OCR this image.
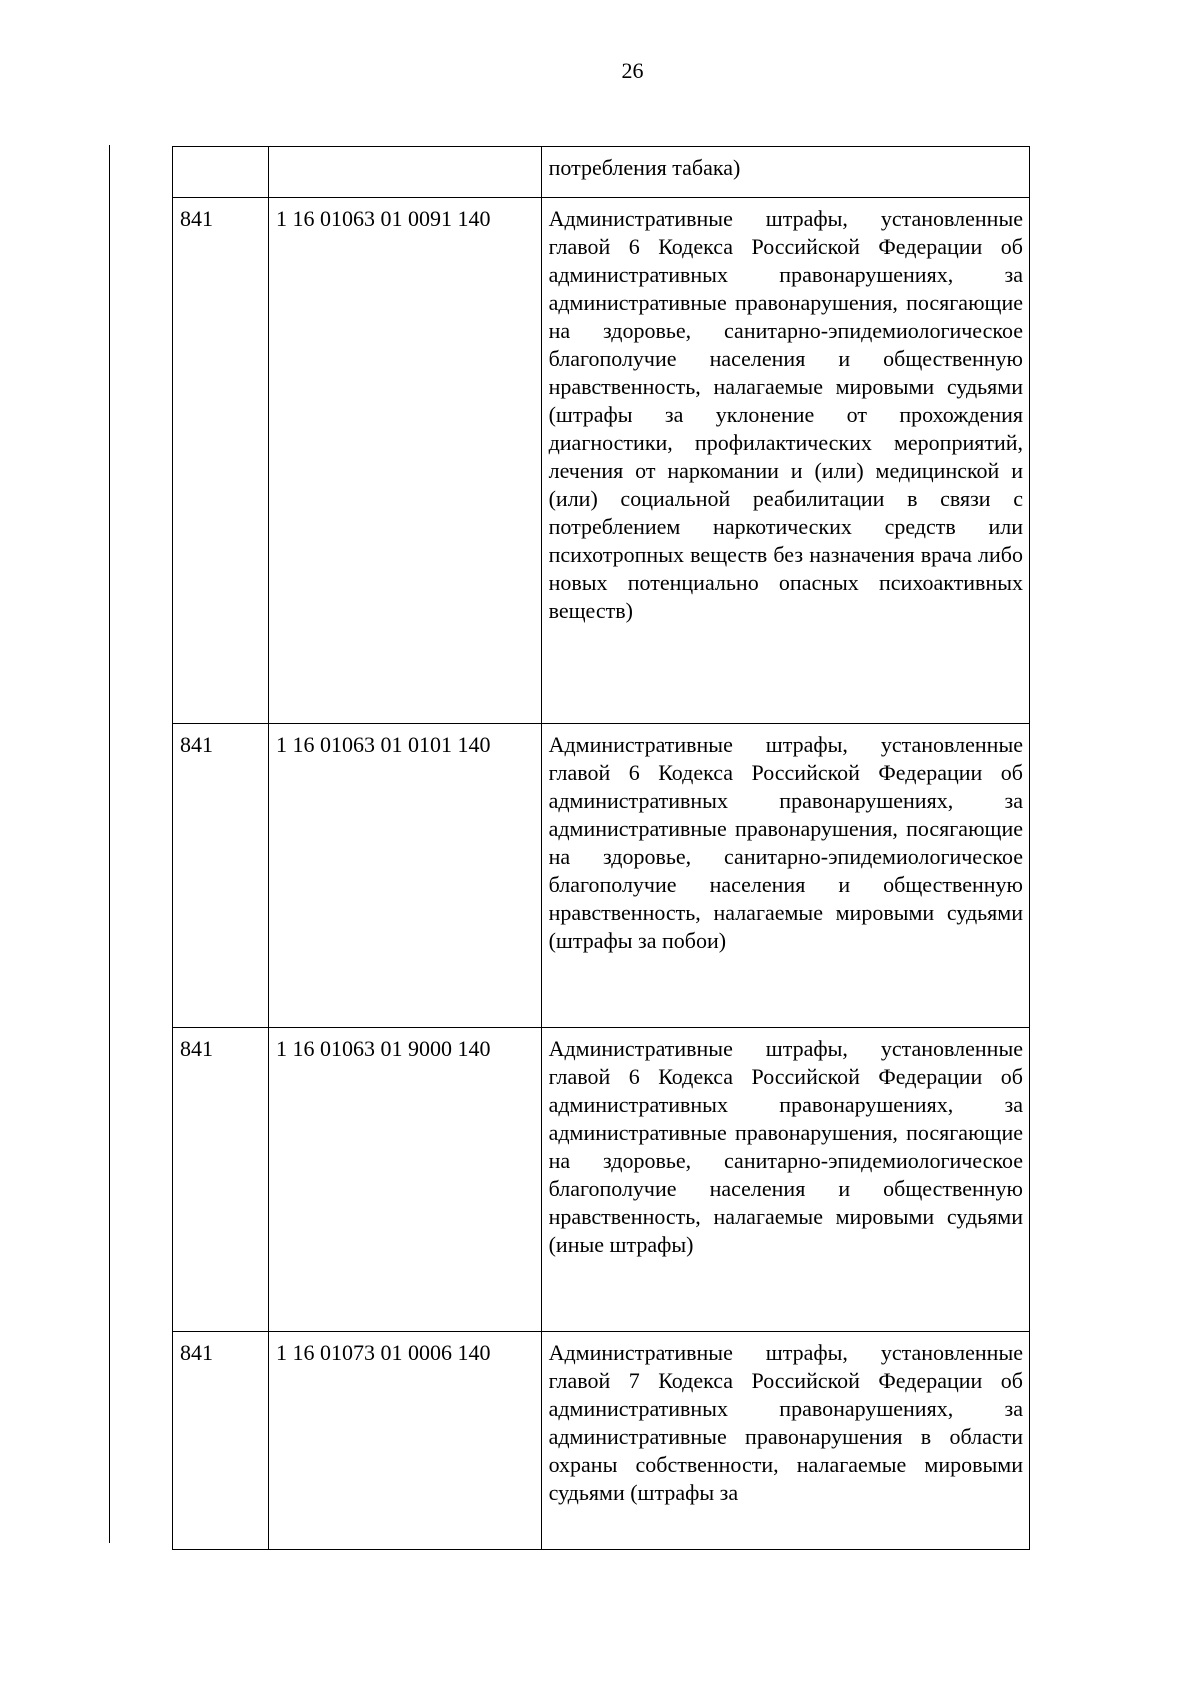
26
		потребления табака)
841	1 16 01063 01 0091 140	Административные штрафы, установленные главой 6 Кодекса Российской Федерации об административных правонарушениях, за административные правонарушения, посягающие на здоровье, санитарно-эпидемиологическое благополучие населения и общественную нравственность, налагаемые мировыми судьями (штрафы за уклонение от прохождения диагностики, профилактических мероприятий, лечения от наркомании и (или) медицинской и (или) социальной реабилитации в связи с потреблением наркотических средств или психотропных веществ без назначения врача либо новых потенциально опасных психоактивных веществ)
841	1 16 01063 01 0101 140	Административные штрафы, установленные главой 6 Кодекса Российской Федерации об административных правонарушениях, за административные правонарушения, посягающие на здоровье, санитарно-эпидемиологическое благополучие населения и общественную нравственность, налагаемые мировыми судьями (штрафы за побои)
841	1 16 01063 01 9000 140	Административные штрафы, установленные главой 6 Кодекса Российской Федерации об административных правонарушениях, за административные правонарушения, посягающие на здоровье, санитарно-эпидемиологическое благополучие населения и общественную нравственность, налагаемые мировыми судьями (иные штрафы)
841	1 16 01073 01 0006 140	Административные штрафы, установленные главой 7 Кодекса Российской Федерации об административных правонарушениях, за административные правонарушения в области охраны собственности, налагаемые мировыми судьями (штрафы за
